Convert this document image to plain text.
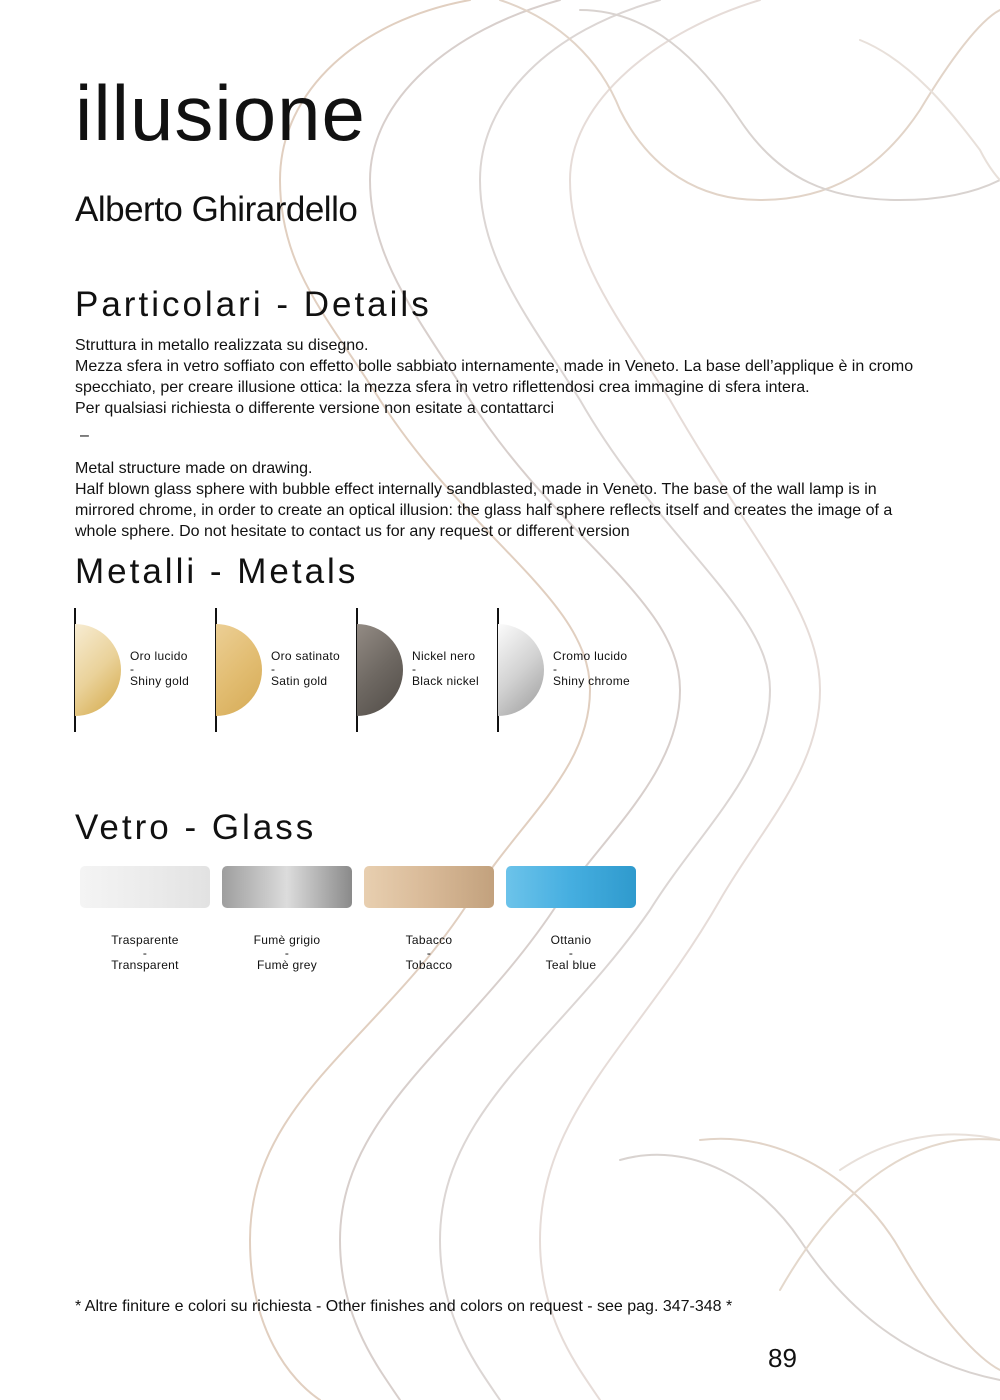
illusione
Alberto Ghirardello
Particolari - Details

Struttura in metallo realizzata su disegno.

Mezza sfera in vetro soffiato con effetto bolle sabbiato internamente, made in Veneto. La base dell’applique è in cromo specchiato, per creare illusione ottica: la mezza sfera in vetro riflettendosi crea immagine di sfera intera.

Per qualsiasi richiesta o differente versione non esitate a contattarci

–

Metal structure made on drawing.

Half blown glass sphere with bubble effect internally sandblasted, made in Veneto. The base of the wall lamp is in mirrored chrome, in order to create an optical illusion: the glass half sphere reflects itself and creates the image of a whole sphere. Do not hesitate to contact us for any request or different version

Metalli - Metals
Oro lucido
-
Shiny gold
Oro satinato
-
Satin gold
Nickel nero
-
Black nickel
Cromo lucido
-
Shiny chrome
Vetro - Glass
Trasparente
-
Transparent
Fumè grigio
-
Fumè grey
Tabacco
-
Tobacco
Ottanio
-
Teal blue
* Altre finiture e colori su richiesta - Other finishes and colors on request - see pag. 347-348 *
89
